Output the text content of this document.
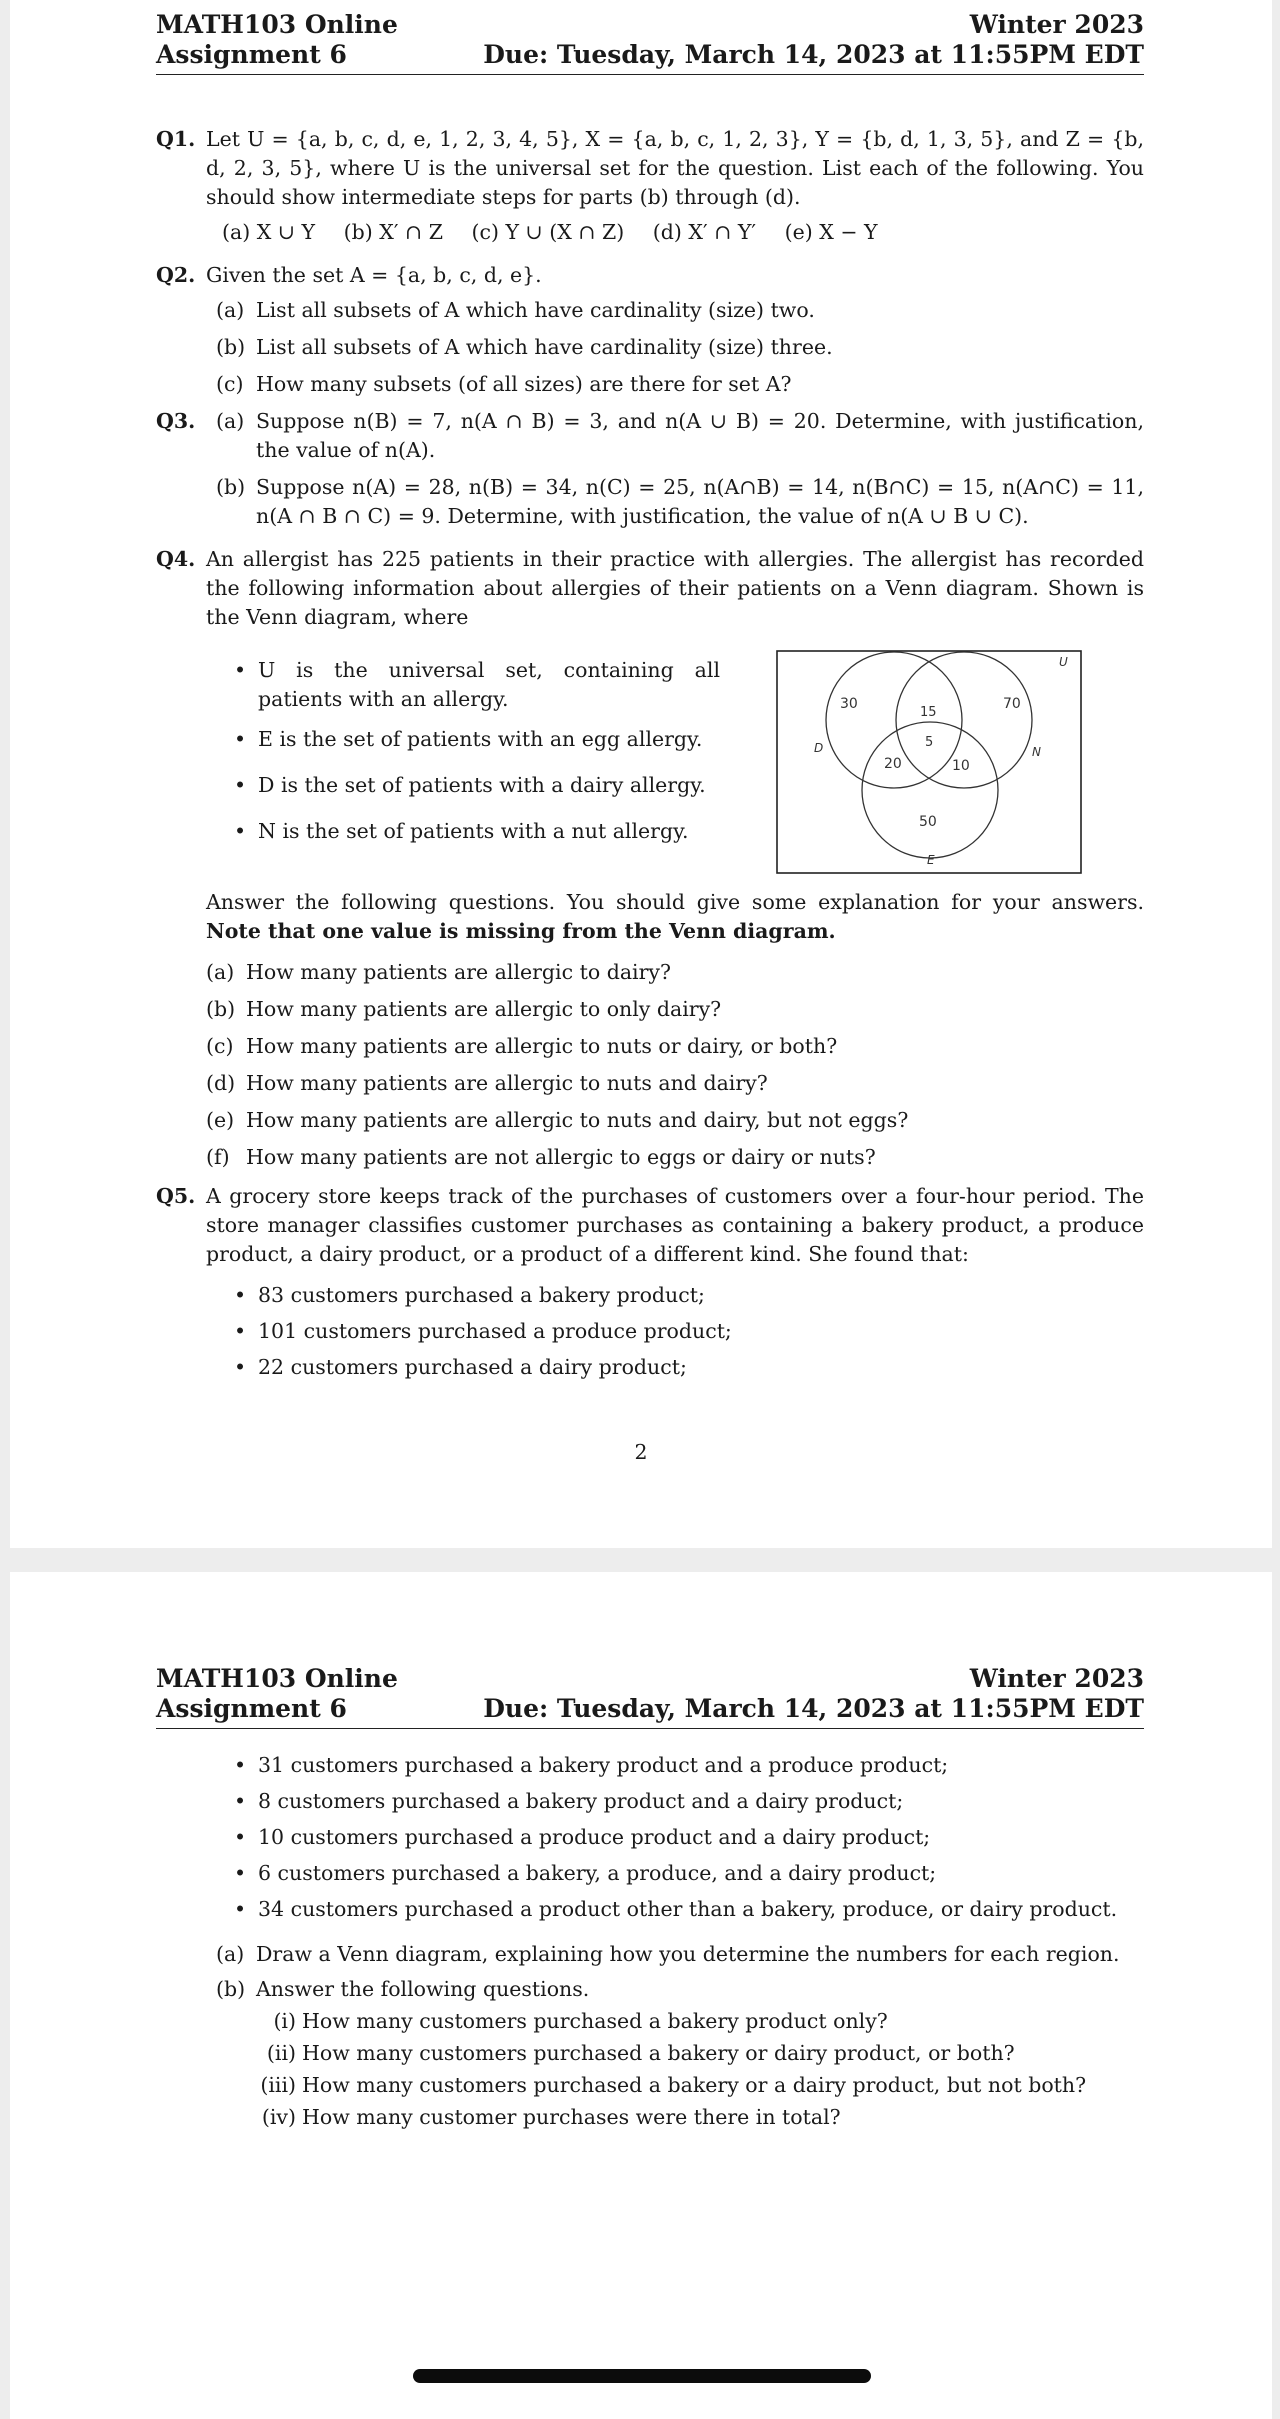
MATH103 Online
Assignment 6
Winter 2023
Due: Tuesday, March 14, 2023 at 11:55PM EDT
Q1. Let U = {a, b, c, d, e, 1, 2, 3, 4, 5}, X = {a, b, c, 1, 2, 3}, Y = {b, d, 1, 3, 5}, and Z = {b, d, 2, 3, 5}, where U is the universal set for the question. List each of the following. You should show intermediate steps for parts (b) through (d).
(a) X ∪ Y (b) X′ ∩ Z (c) Y ∪ (X ∩ Z) (d) X′ ∩ Y′ (e) X − Y
Q2. Given the set A = {a, b, c, d, e}.
(a) List all subsets of A which have cardinality (size) two.
(b) List all subsets of A which have cardinality (size) three.
(c) How many subsets (of all sizes) are there for set A?
Q3. (a) Suppose n(B) = 7, n(A ∩ B) = 3, and n(A ∪ B) = 20. Determine, with justification, the value of n(A).
(b) Suppose n(A) = 28, n(B) = 34, n(C) = 25, n(A∩B) = 14, n(B∩C) = 15, n(A∩C) = 11, n(A ∩ B ∩ C) = 9. Determine, with justification, the value of n(A ∪ B ∪ C).
Q4. An allergist has 225 patients in their practice with allergies. The allergist has recorded the following information about allergies of their patients on a Venn diagram. Shown is the Venn diagram, where
• U is the universal set, containing all patients with an allergy.
• E is the set of patients with an egg allergy.
• D is the set of patients with a dairy allergy.
• N is the set of patients with a nut allergy.
U
D	N
E
30	70
15
5
20	10
50
Answer the following questions. You should give some explanation for your answers. Note that one value is missing from the Venn diagram.
(a) How many patients are allergic to dairy?
(b) How many patients are allergic to only dairy?
(c) How many patients are allergic to nuts or dairy, or both?
(d) How many patients are allergic to nuts and dairy?
(e) How many patients are allergic to nuts and dairy, but not eggs?
(f) How many patients are not allergic to eggs or dairy or nuts?
Q5. A grocery store keeps track of the purchases of customers over a four-hour period. The store manager classifies customer purchases as containing a bakery product, a produce product, a dairy product, or a product of a different kind. She found that:
• 83 customers purchased a bakery product;
• 101 customers purchased a produce product;
• 22 customers purchased a dairy product;
2
MATH103 Online
Assignment 6
Winter 2023
Due: Tuesday, March 14, 2023 at 11:55PM EDT
• 31 customers purchased a bakery product and a produce product;
• 8 customers purchased a bakery product and a dairy product;
• 10 customers purchased a produce product and a dairy product;
• 6 customers purchased a bakery, a produce, and a dairy product;
• 34 customers purchased a product other than a bakery, produce, or dairy product.
(a) Draw a Venn diagram, explaining how you determine the numbers for each region.
(b) Answer the following questions.
(i) How many customers purchased a bakery product only?
(ii) How many customers purchased a bakery or dairy product, or both?
(iii) How many customers purchased a bakery or a dairy product, but not both?
(iv) How many customer purchases were there in total?
